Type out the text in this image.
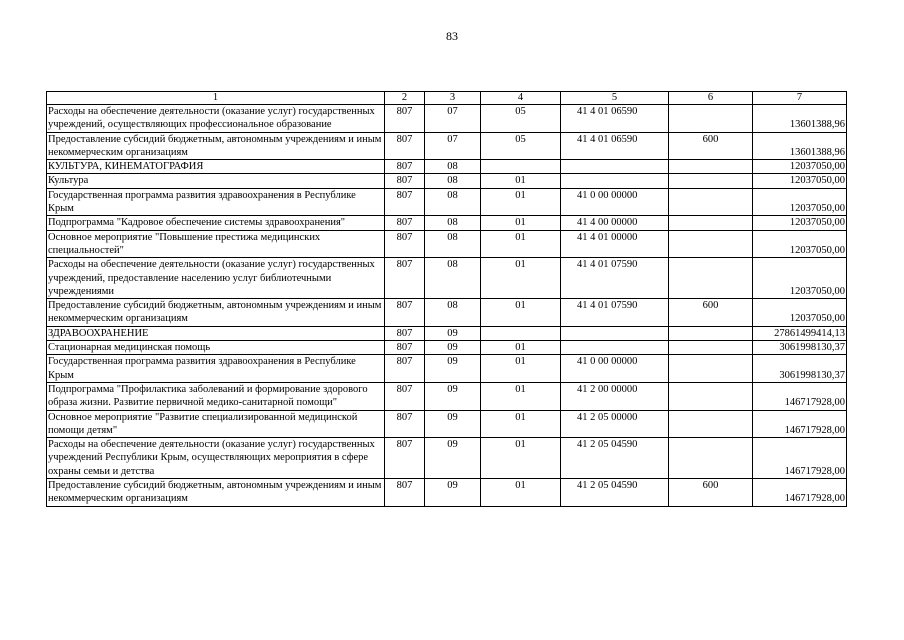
83
1	2	3	4	5	6	7
Расходы на обеспечение деятельности (оказание услуг) государственных учреждений, осуществляющих профессиональное образование	807	07	05	41 4 01 06590		13601388,96
Предоставление субсидий бюджетным, автономным учреждениям и иным некоммерческим организациям	807	07	05	41 4 01 06590	600	13601388,96
КУЛЬТУРА, КИНЕМАТОГРАФИЯ	807	08				12037050,00
Культура	807	08	01			12037050,00
Государственная программа развития здравоохранения в Республике Крым	807	08	01	41 0 00 00000		12037050,00
Подпрограмма "Кадровое обеспечение системы здравоохранения"	807	08	01	41 4 00 00000		12037050,00
Основное мероприятие "Повышение престижа медицинских специальностей"	807	08	01	41 4 01 00000		12037050,00
Расходы на обеспечение деятельности (оказание услуг) государственных учреждений, предоставление населению услуг библиотечными учреждениями	807	08	01	41 4 01 07590		12037050,00
Предоставление субсидий бюджетным, автономным учреждениям и иным некоммерческим организациям	807	08	01	41 4 01 07590	600	12037050,00
ЗДРАВООХРАНЕНИЕ	807	09				27861499414,13
Стационарная медицинская помощь	807	09	01			3061998130,37
Государственная программа развития здравоохранения в Республике Крым	807	09	01	41 0 00 00000		3061998130,37
Подпрограмма "Профилактика заболеваний и формирование здорового образа жизни. Развитие первичной медико-санитарной помощи"	807	09	01	41 2 00 00000		146717928,00
Основное мероприятие "Развитие специализированной медицинской помощи детям"	807	09	01	41 2 05 00000		146717928,00
Расходы на обеспечение деятельности (оказание услуг) государственных учреждений Республики Крым, осуществляющих мероприятия в сфере охраны семьи и детства	807	09	01	41 2 05 04590		146717928,00
Предоставление субсидий бюджетным, автономным учреждениям и иным некоммерческим организациям	807	09	01	41 2 05 04590	600	146717928,00
